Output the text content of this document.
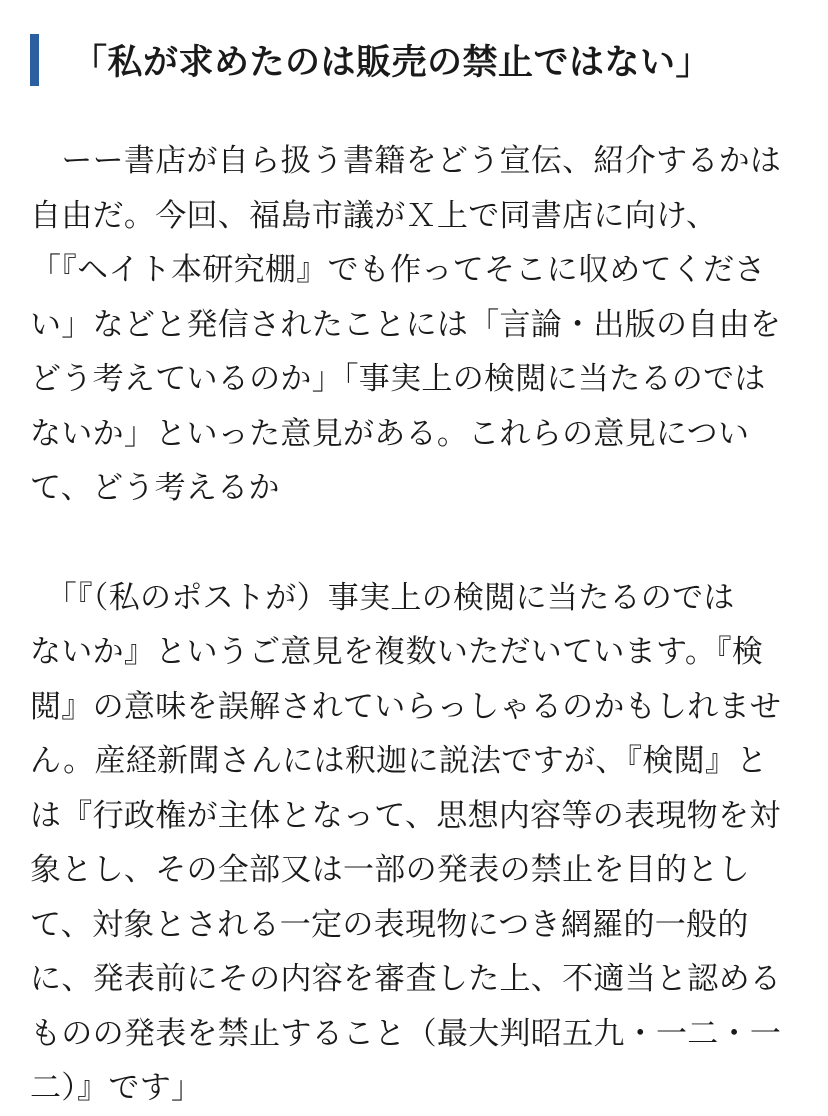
「私が求めたのは販売の禁止ではない」

　ーー書店が自ら扱う書籍をどう宣伝、紹介するかは
自由だ。今回、福島市議がＸ上で同書店に向け、
「『ヘイト本研究棚』でも作ってそこに収めてくださ
い」などと発信されたことには「言論・出版の自由を
どう考えているのか」「事実上の検閲に当たるのでは
ないか」といった意見がある。これらの意見につい
て、どう考えるか

　「『（私のポストが）事実上の検閲に当たるのでは
ないか』というご意見を複数いただいています。『検
閲』の意味を誤解されていらっしゃるのかもしれませ
ん。産経新聞さんには釈迦に説法ですが、『検閲』と
は『行政権が主体となって、思想内容等の表現物を対
象とし、その全部又は一部の発表の禁止を目的とし
て、対象とされる一定の表現物につき網羅的一般的
に、発表前にその内容を審査した上、不適当と認める
ものの発表を禁止すること（最大判昭五九・一二・一
二）』です」
